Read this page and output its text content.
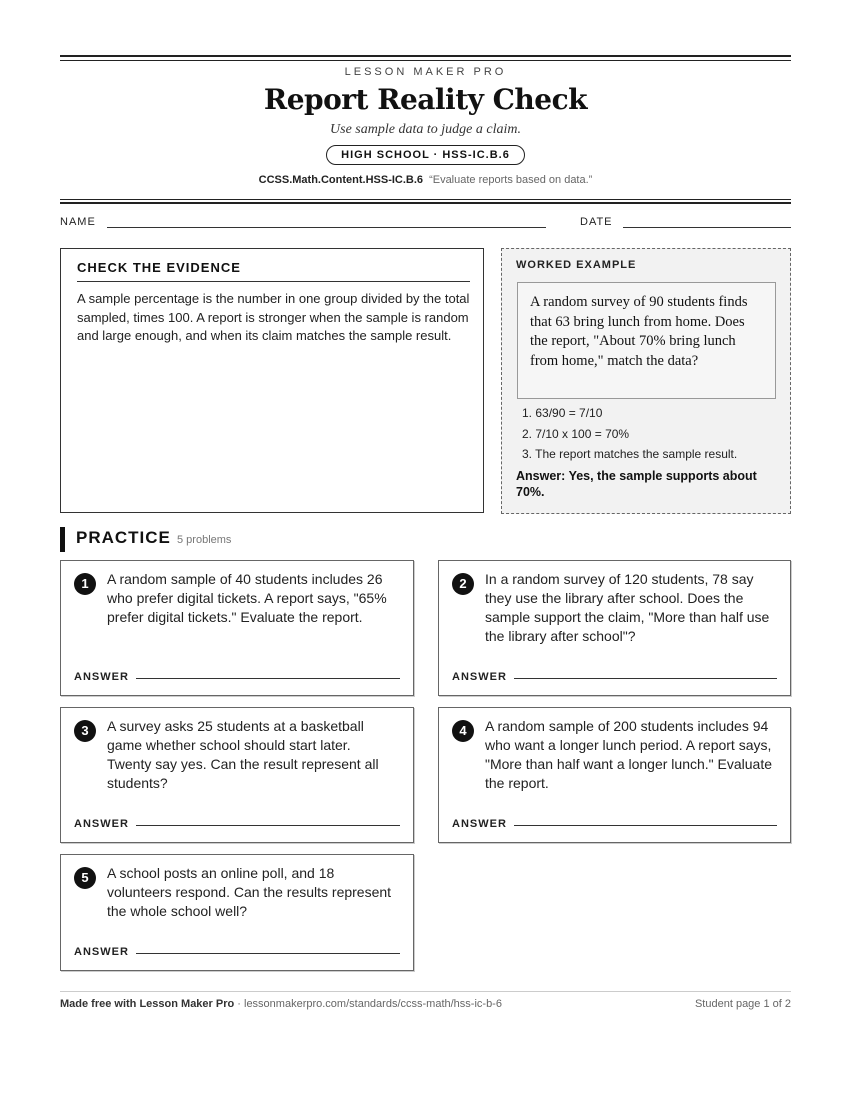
LESSON MAKER PRO
Report Reality Check
Use sample data to judge a claim.
HIGH SCHOOL · HSS-IC.B.6
CCSS.Math.Content.HSS-IC.B.6 “Evaluate reports based on data.”
NAME	DATE
CHECK THE EVIDENCE

A sample percentage is the number in one group divided by the total sampled, times 100. A report is stronger when the sample is random and large enough, and when its claim matches the sample result.

WORKED EXAMPLE
A random survey of 90 students finds that 63 bring lunch from home. Does the report, "About 70% bring lunch from home," match the data?
1. 63/90 = 7/10
2. 7/10 x 100 = 70%
3. The report matches the sample result.
Answer: Yes, the sample supports about 70%.
PRACTICE 5 problems
1	A random sample of 40 students includes 26 who prefer digital tickets. A report says, "65% prefer digital tickets." Evaluate the report.
ANSWER
2	In a random survey of 120 students, 78 say they use the library after school. Does the sample support the claim, "More than half use the library after school"?
ANSWER
3	A survey asks 25 students at a basketball game whether school should start later. Twenty say yes. Can the result represent all students?
ANSWER
4	A random sample of 200 students includes 94 who want a longer lunch period. A report says, "More than half want a longer lunch." Evaluate the report.
ANSWER
5	A school posts an online poll, and 18 volunteers respond. Can the results represent the whole school well?
ANSWER
Made free with Lesson Maker Pro · lessonmakerpro.com/standards/ccss-math/hss-ic-b-6	Student page 1 of 2
